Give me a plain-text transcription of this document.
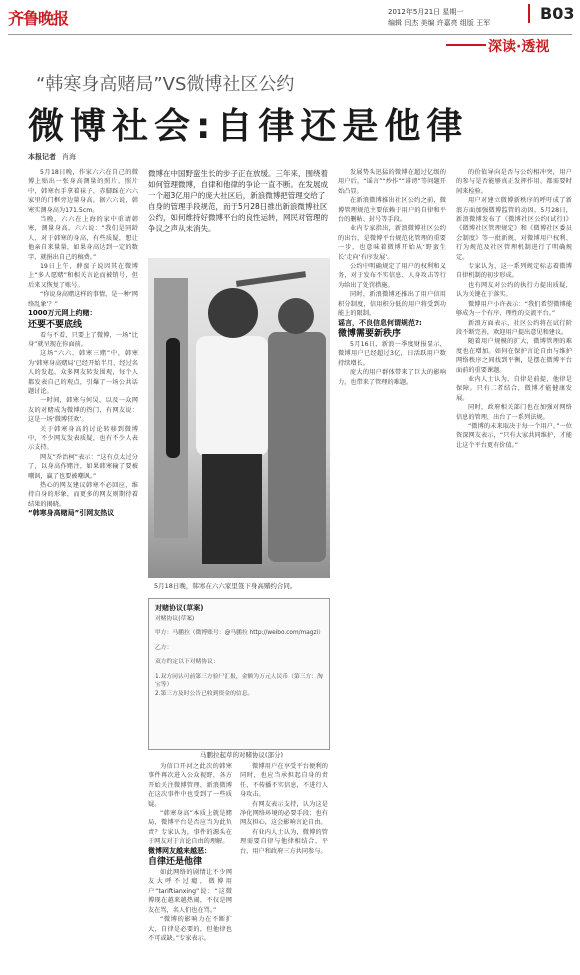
齐鲁晚报	2012年5月21日 星期一
编辑 闫杰 美编 许嘉亮 组版 王军	B03
深读·透视
“韩寒身高赌局”VS微博社区公约
微博社会:自律还是他律
本报记者 肖海

5月18日晚，作家六六在自己的微博上贴出一张身高测量的照片，照片中，韩寒右手拿着袜子，赤脚踩在六六家里的门框旁边量身高。据六六说，韩寒实测身高为171.5cm。

当晚，六六在上海的家中重请韩寒，测量身高。六六说：“我们是同龄人，对于韩寒的身高，有些质疑，想让他亲自来量量，如果身高达到一定的数字，就捐出自己的稿费。”

19日上午，薛蛮子说因其在微博上“多人愿赌”和相关言论而被销号，但后来又恢复了账号。

“你说身高赌这样的事情，是一种‘网络乱象’？”

1000万元网上约赌：

还要不要底线

看与不看，只要上了微博，一场“比身”就呈现在你面前。

这场“六六、韩寒三赌”中，韩寒为‘韩寒身高赌局’已经开始半月，经过名人的发起，众多网友转发围观，每个人都发表自己的观点，引爆了一场公共话题讨论。

一时间，韩寒与何炅，以及一众网友的对赌成为微博的热门，有网友说：这是一场‘微博狂欢’。

关于韩寒身高的讨论转移到微博中，不少网友发表质疑，也有不少人表示支持。

网友“乔治柯”表示：“这有点太过分了，以身高作赌注，如果韩寒输了要被嘲讽，赢了也要被嘲讽。”

热心的网友建议韩寒不必回应，维持自身的形象，而更多的网友则期待着结果的揭晓。

“韩寒身高赌局”引网友热议

微博在中国野蛮生长的步子正在放缓。三年来，围绕着如何管理微博，自律和他律的争论一直不断。在发展成一个超3亿用户的庞大社区后，新浪微博把管理交给了自身的管理手段规范，而于5月28日推出新浪微博社区公约，如何维持好微博平台的良性运转，网民对管理的争议之声从未消失。
5月18日晚，韩寒在六六家里签下身高赌约合同。
对赌协议(草案)
对赌协议(草案)
甲方：马鹏拉（微博账号：@马鹏拉 http://weibo.com/magzi）
乙方：
双方约定以下对赌协议：
1.双方同认可前第三方验尸汇报，金额为万元人民币（第三方：淘宝等）
2.第三方及时公告已收到资金的信息。
马鹏拉起草的对赌协议(部分)

为信口开河之此次的韩寒事件再次进入公众视野，各方开始关注微博管理，新浪微博在这次事件中也受到了一些质疑。

“韩寒身高”本质上就是赌局，微博平台是否应当为此负责？专家认为，事件的源头在于网友对于言论自由的理解。

微博网友越来越恶：

自律还是他律

如此网络的剧情让不少网友大呼不过瘾，微博用户“tariftianxing”说：“这微博现在越来越热闹，不仅是网友在骂，名人们也在骂。”

“微博的影响力在不断扩大，自律是必要的，但他律也不可或缺。”专家表示。

微博用户在享受平台便利的同时，也应当承担起自身的责任，不传播不实信息，不进行人身攻击。

有网友表示支持，认为这是净化网络环境的必要手段；也有网友担心，这会影响言论自由。

有业内人士认为，微博的管理需要自律与他律相结合，平台、用户和政府三方共同参与。

发展势头迅猛的微博在超过亿级的用户后，“谣言”“炒作”“诽谤”等问题开始凸显。

在新浪微博推出社区公约之前，微博管理规范主要依赖于用户的自律和平台的删帖、封号等手段。

业内专家指出，新浪微博社区公约的出台，是微博平台规范化管理的重要一步，也意味着微博开始从‘野蛮生长’走向‘有序发展’。

公约中明确规定了用户的权利和义务，对于发布不实信息、人身攻击等行为给出了处罚措施。

同时，新浪微博还推出了用户信用积分制度，信用积分低的用户将受到功能上的限制。

谣言，不良信息何谓规范?:

微博需要新秩序

5月16日，新浪一季度财报显示，微博用户已经超过3亿，日活跃用户数持续增长。

庞大的用户群体带来了巨大的影响力，也带来了管理的难题。

的价值导向是否与公约相冲突，用户的参与是否能够真正发挥作用，都需要时间来检验。

用户对建立微博新秩序的呼吁成了新浪方面加强微博监管的动因。5月28日，新浪微博发布了《微博社区公约(试行)》《微博社区管理规定》和《微博社区委员会制度》等一批新规，对微博用户权利、行为规范及社区管理机制进行了明确规定。

专家认为，这一系列规定标志着微博自律机制的初步形成。

也有网友对公约的执行力提出质疑，认为关键在于落实。

微博用户小许表示：“我们希望微博能够成为一个有序、理性的交流平台。”

新浪方面表示，社区公约将在试行阶段不断完善，欢迎用户提出意见和建议。

随着用户规模的扩大，微博管理的难度也在增加。如何在保护言论自由与维护网络秩序之间找到平衡，是摆在微博平台面前的重要课题。

业内人士认为，自律是前提，他律是保障。只有二者结合，微博才能健康发展。

同时，政府相关部门也在加强对网络信息的管理，出台了一系列法规。

“微博的未来取决于每一个用户。”一位资深网友表示，“只有大家共同维护，才能让这个平台更有价值。”
